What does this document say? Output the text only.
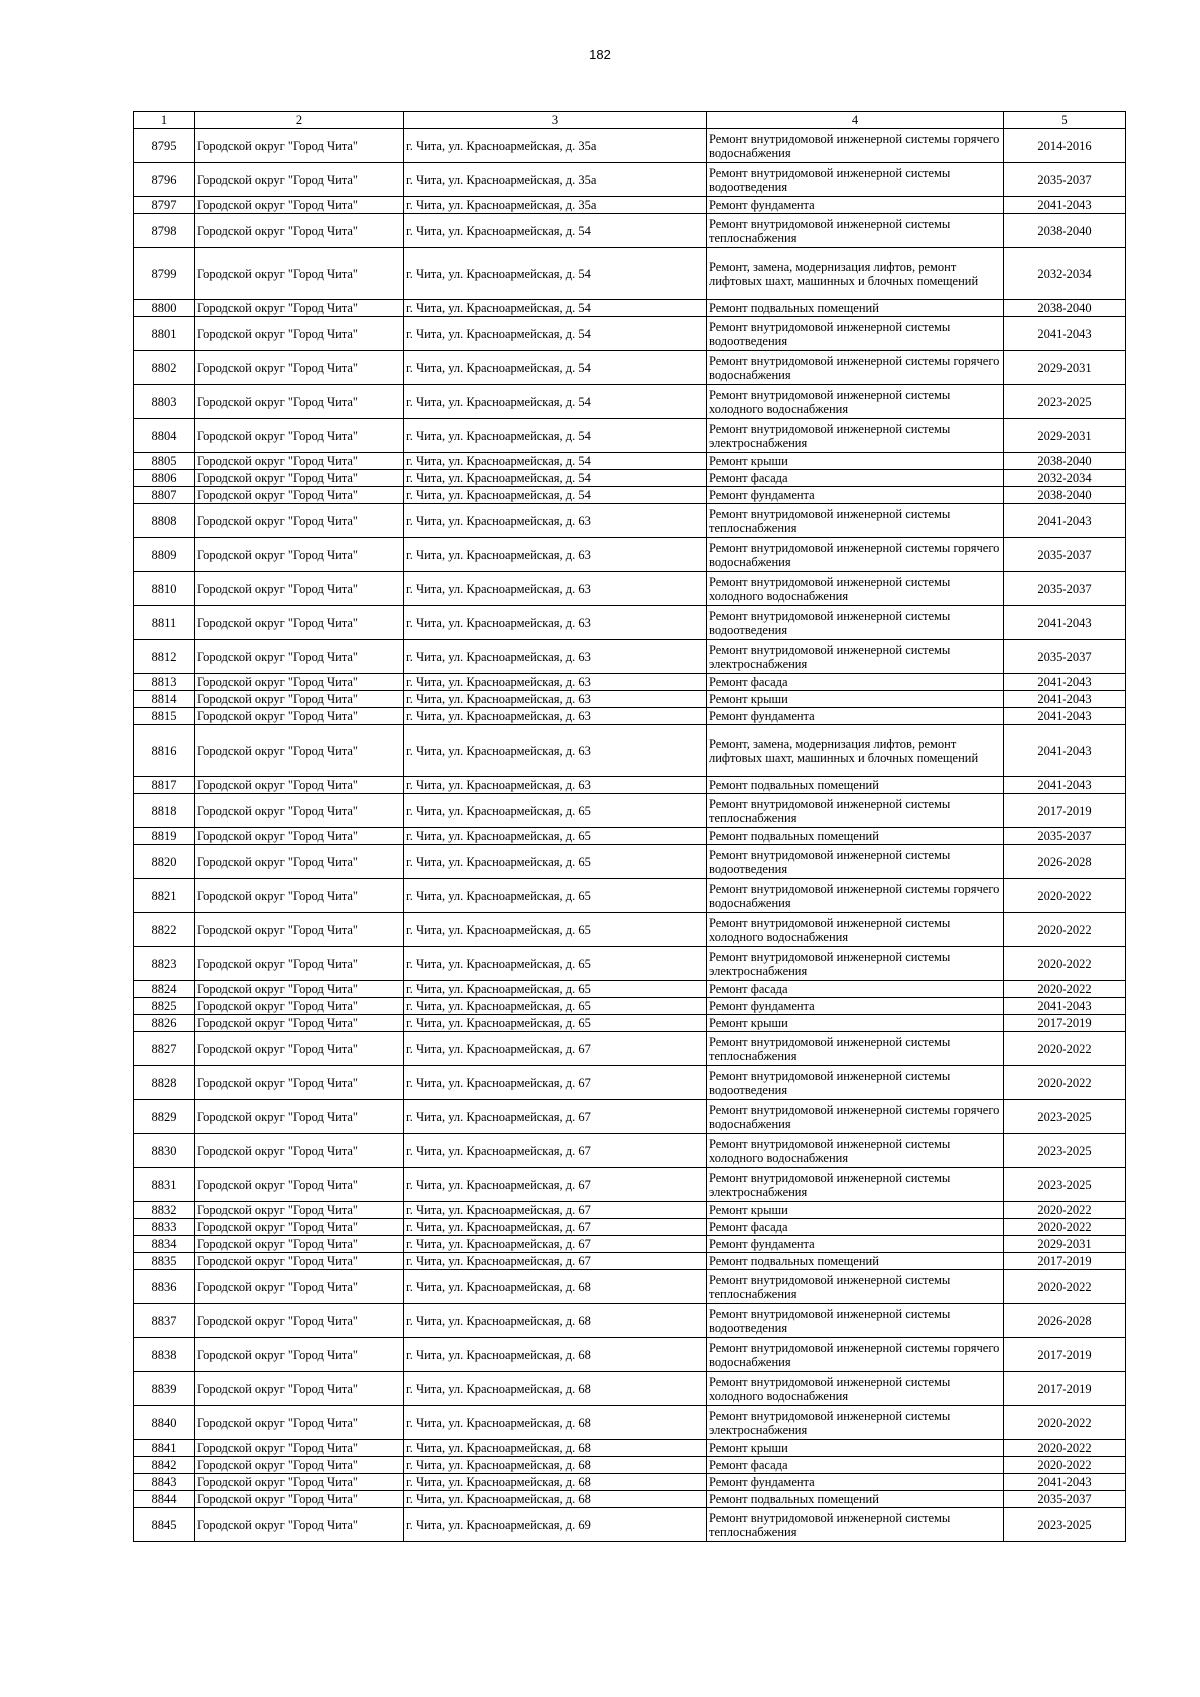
182
1	2	3	4	5
8795	Городской округ "Город Чита"	г. Чита, ул. Красноармейская, д. 35а	Ремонт внутридомовой инженерной системы горячего водоснабжения	2014-2016
8796	Городской округ "Город Чита"	г. Чита, ул. Красноармейская, д. 35а	Ремонт внутридомовой инженерной системы водоотведения	2035-2037
8797	Городской округ "Город Чита"	г. Чита, ул. Красноармейская, д. 35а	Ремонт фундамента	2041-2043
8798	Городской округ "Город Чита"	г. Чита, ул. Красноармейская, д. 54	Ремонт внутридомовой инженерной системы теплоснабжения	2038-2040
8799	Городской округ "Город Чита"	г. Чита, ул. Красноармейская, д. 54	Ремонт, замена, модернизация лифтов, ремонт лифтовых шахт, машинных и блочных помещений	2032-2034
8800	Городской округ "Город Чита"	г. Чита, ул. Красноармейская, д. 54	Ремонт подвальных помещений	2038-2040
8801	Городской округ "Город Чита"	г. Чита, ул. Красноармейская, д. 54	Ремонт внутридомовой инженерной системы водоотведения	2041-2043
8802	Городской округ "Город Чита"	г. Чита, ул. Красноармейская, д. 54	Ремонт внутридомовой инженерной системы горячего водоснабжения	2029-2031
8803	Городской округ "Город Чита"	г. Чита, ул. Красноармейская, д. 54	Ремонт внутридомовой инженерной системы холодного водоснабжения	2023-2025
8804	Городской округ "Город Чита"	г. Чита, ул. Красноармейская, д. 54	Ремонт внутридомовой инженерной системы электроснабжения	2029-2031
8805	Городской округ "Город Чита"	г. Чита, ул. Красноармейская, д. 54	Ремонт крыши	2038-2040
8806	Городской округ "Город Чита"	г. Чита, ул. Красноармейская, д. 54	Ремонт фасада	2032-2034
8807	Городской округ "Город Чита"	г. Чита, ул. Красноармейская, д. 54	Ремонт фундамента	2038-2040
8808	Городской округ "Город Чита"	г. Чита, ул. Красноармейская, д. 63	Ремонт внутридомовой инженерной системы теплоснабжения	2041-2043
8809	Городской округ "Город Чита"	г. Чита, ул. Красноармейская, д. 63	Ремонт внутридомовой инженерной системы горячего водоснабжения	2035-2037
8810	Городской округ "Город Чита"	г. Чита, ул. Красноармейская, д. 63	Ремонт внутридомовой инженерной системы холодного водоснабжения	2035-2037
8811	Городской округ "Город Чита"	г. Чита, ул. Красноармейская, д. 63	Ремонт внутридомовой инженерной системы водоотведения	2041-2043
8812	Городской округ "Город Чита"	г. Чита, ул. Красноармейская, д. 63	Ремонт внутридомовой инженерной системы электроснабжения	2035-2037
8813	Городской округ "Город Чита"	г. Чита, ул. Красноармейская, д. 63	Ремонт фасада	2041-2043
8814	Городской округ "Город Чита"	г. Чита, ул. Красноармейская, д. 63	Ремонт крыши	2041-2043
8815	Городской округ "Город Чита"	г. Чита, ул. Красноармейская, д. 63	Ремонт фундамента	2041-2043
8816	Городской округ "Город Чита"	г. Чита, ул. Красноармейская, д. 63	Ремонт, замена, модернизация лифтов, ремонт лифтовых шахт, машинных и блочных помещений	2041-2043
8817	Городской округ "Город Чита"	г. Чита, ул. Красноармейская, д. 63	Ремонт подвальных помещений	2041-2043
8818	Городской округ "Город Чита"	г. Чита, ул. Красноармейская, д. 65	Ремонт внутридомовой инженерной системы теплоснабжения	2017-2019
8819	Городской округ "Город Чита"	г. Чита, ул. Красноармейская, д. 65	Ремонт подвальных помещений	2035-2037
8820	Городской округ "Город Чита"	г. Чита, ул. Красноармейская, д. 65	Ремонт внутридомовой инженерной системы водоотведения	2026-2028
8821	Городской округ "Город Чита"	г. Чита, ул. Красноармейская, д. 65	Ремонт внутридомовой инженерной системы горячего водоснабжения	2020-2022
8822	Городской округ "Город Чита"	г. Чита, ул. Красноармейская, д. 65	Ремонт внутридомовой инженерной системы холодного водоснабжения	2020-2022
8823	Городской округ "Город Чита"	г. Чита, ул. Красноармейская, д. 65	Ремонт внутридомовой инженерной системы электроснабжения	2020-2022
8824	Городской округ "Город Чита"	г. Чита, ул. Красноармейская, д. 65	Ремонт фасада	2020-2022
8825	Городской округ "Город Чита"	г. Чита, ул. Красноармейская, д. 65	Ремонт фундамента	2041-2043
8826	Городской округ "Город Чита"	г. Чита, ул. Красноармейская, д. 65	Ремонт крыши	2017-2019
8827	Городской округ "Город Чита"	г. Чита, ул. Красноармейская, д. 67	Ремонт внутридомовой инженерной системы теплоснабжения	2020-2022
8828	Городской округ "Город Чита"	г. Чита, ул. Красноармейская, д. 67	Ремонт внутридомовой инженерной системы водоотведения	2020-2022
8829	Городской округ "Город Чита"	г. Чита, ул. Красноармейская, д. 67	Ремонт внутридомовой инженерной системы горячего водоснабжения	2023-2025
8830	Городской округ "Город Чита"	г. Чита, ул. Красноармейская, д. 67	Ремонт внутридомовой инженерной системы холодного водоснабжения	2023-2025
8831	Городской округ "Город Чита"	г. Чита, ул. Красноармейская, д. 67	Ремонт внутридомовой инженерной системы электроснабжения	2023-2025
8832	Городской округ "Город Чита"	г. Чита, ул. Красноармейская, д. 67	Ремонт крыши	2020-2022
8833	Городской округ "Город Чита"	г. Чита, ул. Красноармейская, д. 67	Ремонт фасада	2020-2022
8834	Городской округ "Город Чита"	г. Чита, ул. Красноармейская, д. 67	Ремонт фундамента	2029-2031
8835	Городской округ "Город Чита"	г. Чита, ул. Красноармейская, д. 67	Ремонт подвальных помещений	2017-2019
8836	Городской округ "Город Чита"	г. Чита, ул. Красноармейская, д. 68	Ремонт внутридомовой инженерной системы теплоснабжения	2020-2022
8837	Городской округ "Город Чита"	г. Чита, ул. Красноармейская, д. 68	Ремонт внутридомовой инженерной системы водоотведения	2026-2028
8838	Городской округ "Город Чита"	г. Чита, ул. Красноармейская, д. 68	Ремонт внутридомовой инженерной системы горячего водоснабжения	2017-2019
8839	Городской округ "Город Чита"	г. Чита, ул. Красноармейская, д. 68	Ремонт внутридомовой инженерной системы холодного водоснабжения	2017-2019
8840	Городской округ "Город Чита"	г. Чита, ул. Красноармейская, д. 68	Ремонт внутридомовой инженерной системы электроснабжения	2020-2022
8841	Городской округ "Город Чита"	г. Чита, ул. Красноармейская, д. 68	Ремонт крыши	2020-2022
8842	Городской округ "Город Чита"	г. Чита, ул. Красноармейская, д. 68	Ремонт фасада	2020-2022
8843	Городской округ "Город Чита"	г. Чита, ул. Красноармейская, д. 68	Ремонт фундамента	2041-2043
8844	Городской округ "Город Чита"	г. Чита, ул. Красноармейская, д. 68	Ремонт подвальных помещений	2035-2037
8845	Городской округ "Город Чита"	г. Чита, ул. Красноармейская, д. 69	Ремонт внутридомовой инженерной системы теплоснабжения	2023-2025
